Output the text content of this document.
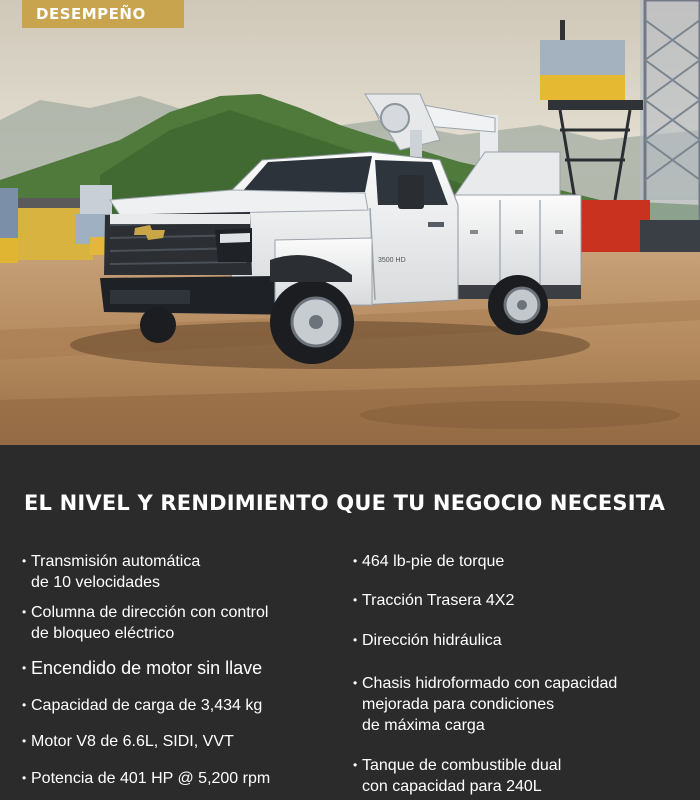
3500 HD
DESEMPEÑO
EL NIVEL Y RENDIMIENTO QUE TU NEGOCIO NECESITA
• Transmisión automática
de 10 velocidades
• Columna de dirección con control
de bloqueo eléctrico
• Encendido de motor sin llave
• Capacidad de carga de 3,434 kg
• Motor V8 de 6.6L, SIDI, VVT
• Potencia de 401 HP @ 5,200 rpm
• 464 lb-pie de torque
• Tracción Trasera 4X2
• Dirección hidráulica
• Chasis hidroformado con capacidad
mejorada para condiciones
de máxima carga
• Tanque de combustible dual
con capacidad para 240L
